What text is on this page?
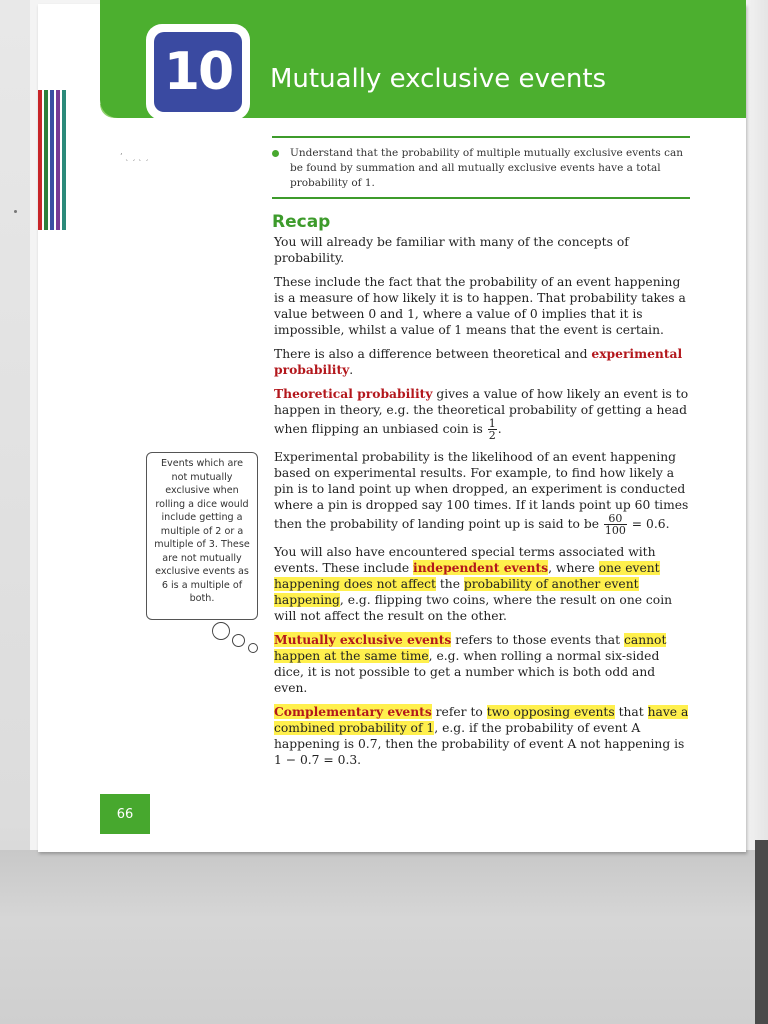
10	Mutually exclusive events
ʼ ˎ ˏ ˎ ˏ	Understand that the probability of multiple mutually exclusive events can be found by summation and all mutually exclusive events have a total probability of 1.
Recap

You will already be familiar with many of the concepts of probability.

These include the fact that the probability of an event happening is a measure of how likely it is to happen. That probability takes a value between 0 and 1, where a value of 0 implies that it is impossible, whilst a value of 1 means that the event is certain.

There is also a difference between theoretical and experimental probability.

Theoretical probability gives a value of how likely an event is to happen in theory, e.g. the theoretical probability of getting a head when flipping an unbiased coin is $\frac{1}{2}$ .

Experimental probability is the likelihood of an event happening based on experimental results. For example, to find how likely a pin is to land point up when dropped, an experiment is conducted where a pin is dropped say 100 times. If it lands point up 60 times then the probability of landing point up is said to be $\frac{60}{100} = 0.6$.

You will also have encountered special terms associated with events. These include independent events, where one event happening does not affect the probability of another event happening, e.g. flipping two coins, where the result on one coin will not affect the result on the other.

Mutually exclusive events refers to those events that cannot happen at the same time, e.g. when rolling a normal six-sided dice, it is not possible to get a number which is both odd and even.

Complementary events refer to two opposing events that have a combined probability of 1, e.g. if the probability of event A happening is 0.7, then the probability of event A not happening is 1 − 0.7 = 0.3.

Events which are not mutually exclusive when rolling a dice would include getting a multiple of 2 or a multiple of 3. These are not mutually exclusive events as 6 is a multiple of both.
66
